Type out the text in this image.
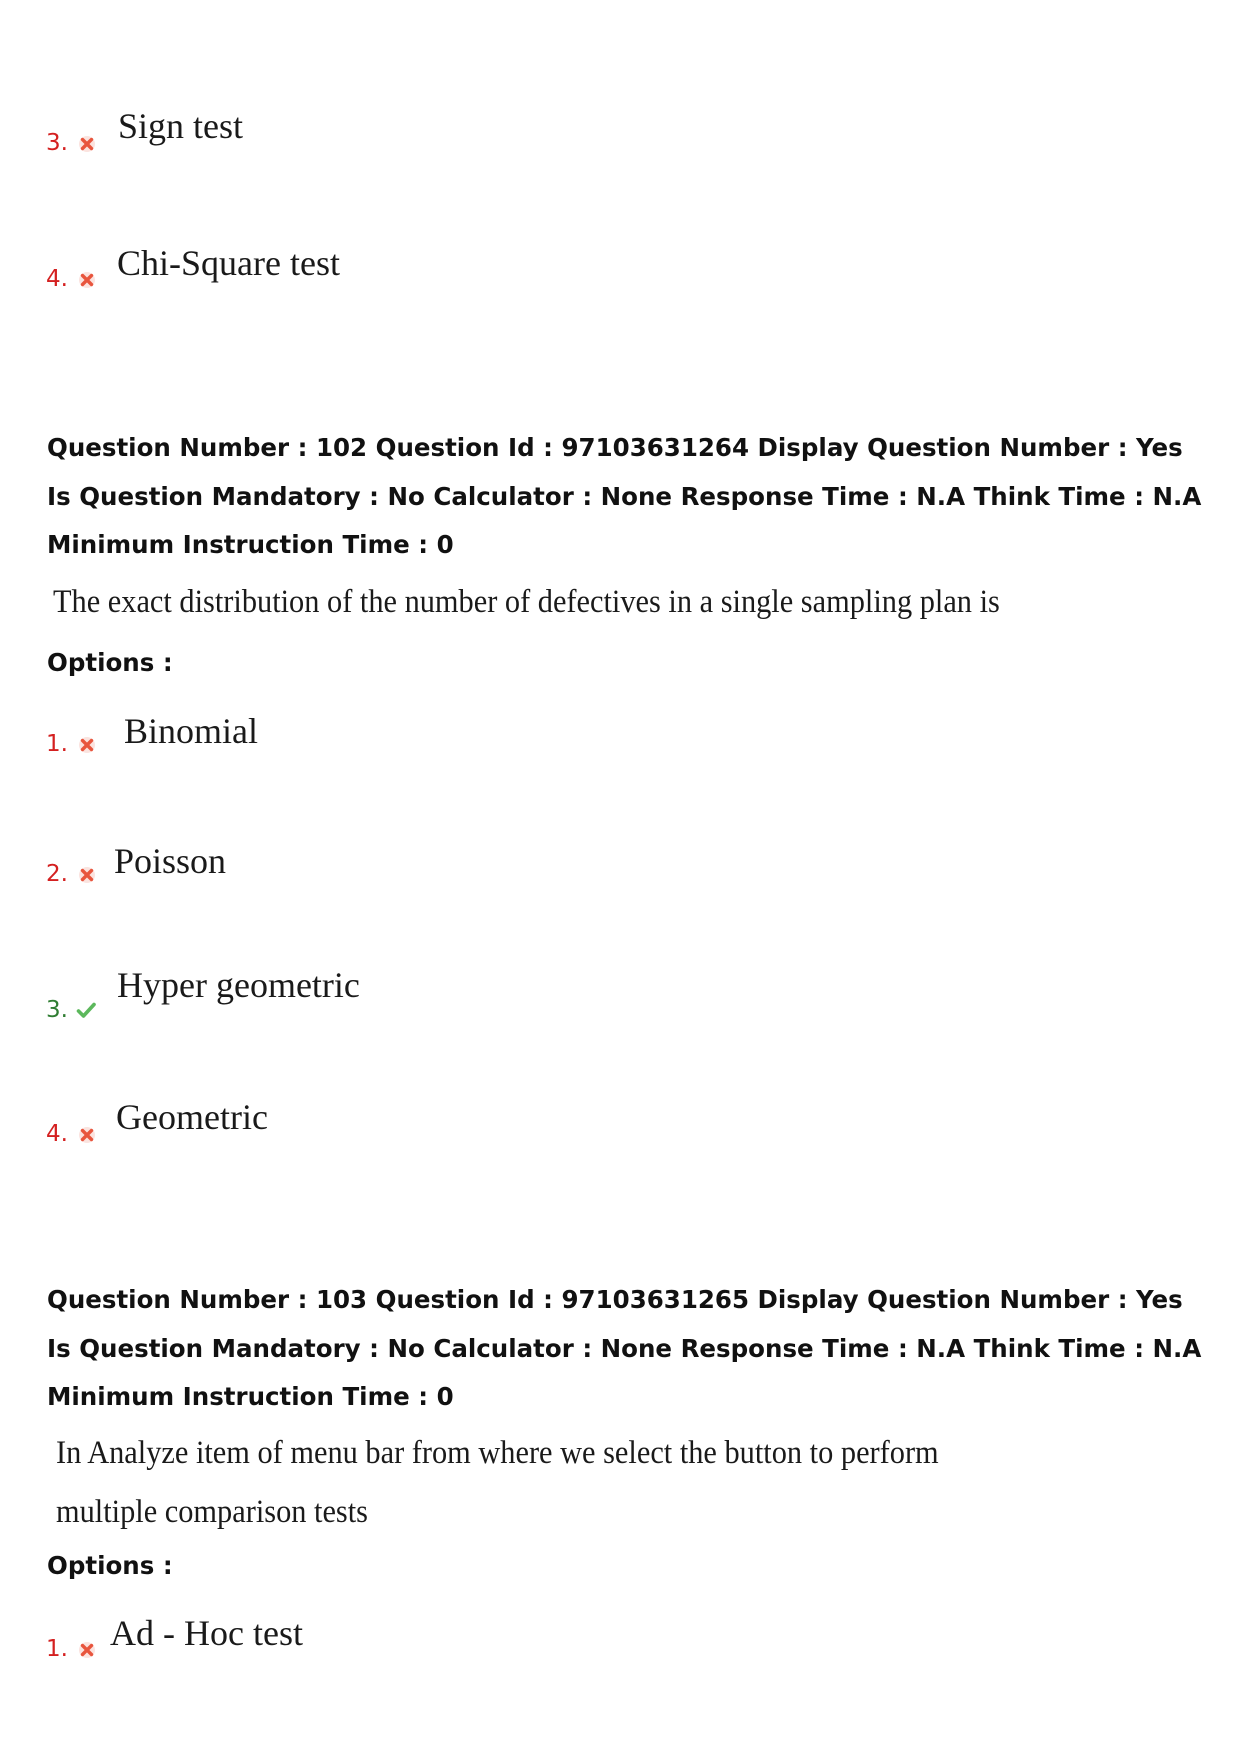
3. Sign test
4. Chi-Square test
Question Number : 102 Question Id : 97103631264 Display Question Number : Yes Is Question Mandatory : No Calculator : None Response Time : N.A Think Time : N.A Minimum Instruction Time : 0
The exact distribution of the number of defectives in a single sampling plan is
Options :
1. Binomial
2. Poisson
3.
Hyper geometric
4. Geometric
Question Number : 103 Question Id : 97103631265 Display Question Number : Yes Is Question Mandatory : No Calculator : None Response Time : N.A Think Time : N.A Minimum Instruction Time : 0
In Analyze item of menu bar from where we select the button to perform
multiple comparison tests
Options :
1. Ad - Hoc test
